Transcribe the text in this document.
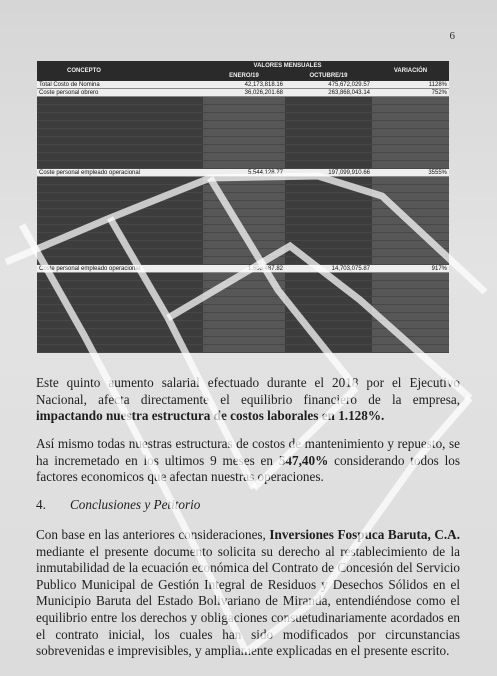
6
CONCEPTO	VALORES MENSUALES		VARIACIÓN
	ENERO/19	OCTUBRE/19	
Total Costo de Nomina	42,173,818.16	475,672,029.57	1128%
Coste personal obrero	36,026,201.68	263,868,043.14	752%

Coste personal empleado operacional	5,544,128.77	197,099,910.66	3555%

Coste personal empleado operacional	1,603,487.82	14,703,075.87	917%

Este quinto aumento salarial efectuado durante el 2018 por el Ejecutivo Nacional, afecta directamente el equilibrio financiero de la empresa, impactando nuestra estructura de costos laborales en 1.128%.
Así mismo todas nuestras estructuras de costos de mantenimiento y repuesto, se ha incremetado en los ultimos 9 meses en 547,40% considerando todos los factores economicos que afectan nuestras operaciones.
4. Conclusiones y Petitorio
Con base en las anteriores consideraciones, Inversiones Fospuca Baruta, C.A. mediante el presente documento solicita su derecho al restablecimiento de la inmutabilidad de la ecuación económica del Contrato de Concesión del Servicio Publico Municipal de Gestión Integral de Residuos y Desechos Sólidos en el Municipio Baruta del Estado Bolivariano de Miranda, entendiéndose como el equilibrio entre los derechos y obligaciones consuetudinariamente acordados en el contrato inicial, los cuales han sido modificados por circunstancias sobrevenidas e imprevisibles, y ampliamente explicadas en el presente escrito.
